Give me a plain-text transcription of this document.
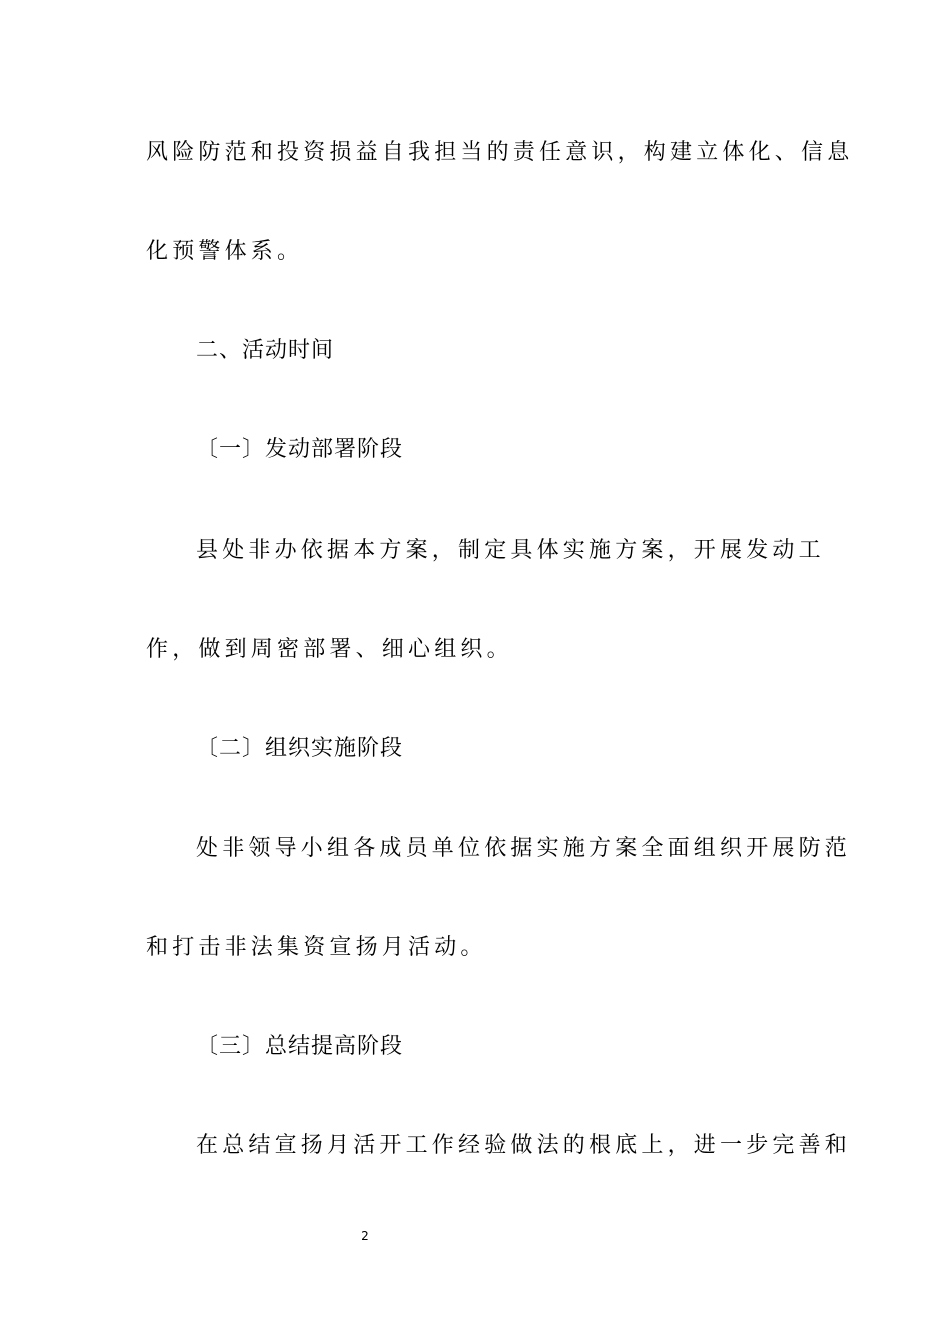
风险防范和投资损益自我担当的责任意识，构建立体化、信息
化预警体系。
二、活动时间
〔一〕发动部署阶段
县处非办依据本方案，制定具体实施方案，开展发动工
作，做到周密部署、细心组织。
〔二〕组织实施阶段
处非领导小组各成员单位依据实施方案全面组织开展防范
和打击非法集资宣扬月活动。
〔三〕总结提高阶段
在总结宣扬月活开工作经验做法的根底上，进一步完善和
2
